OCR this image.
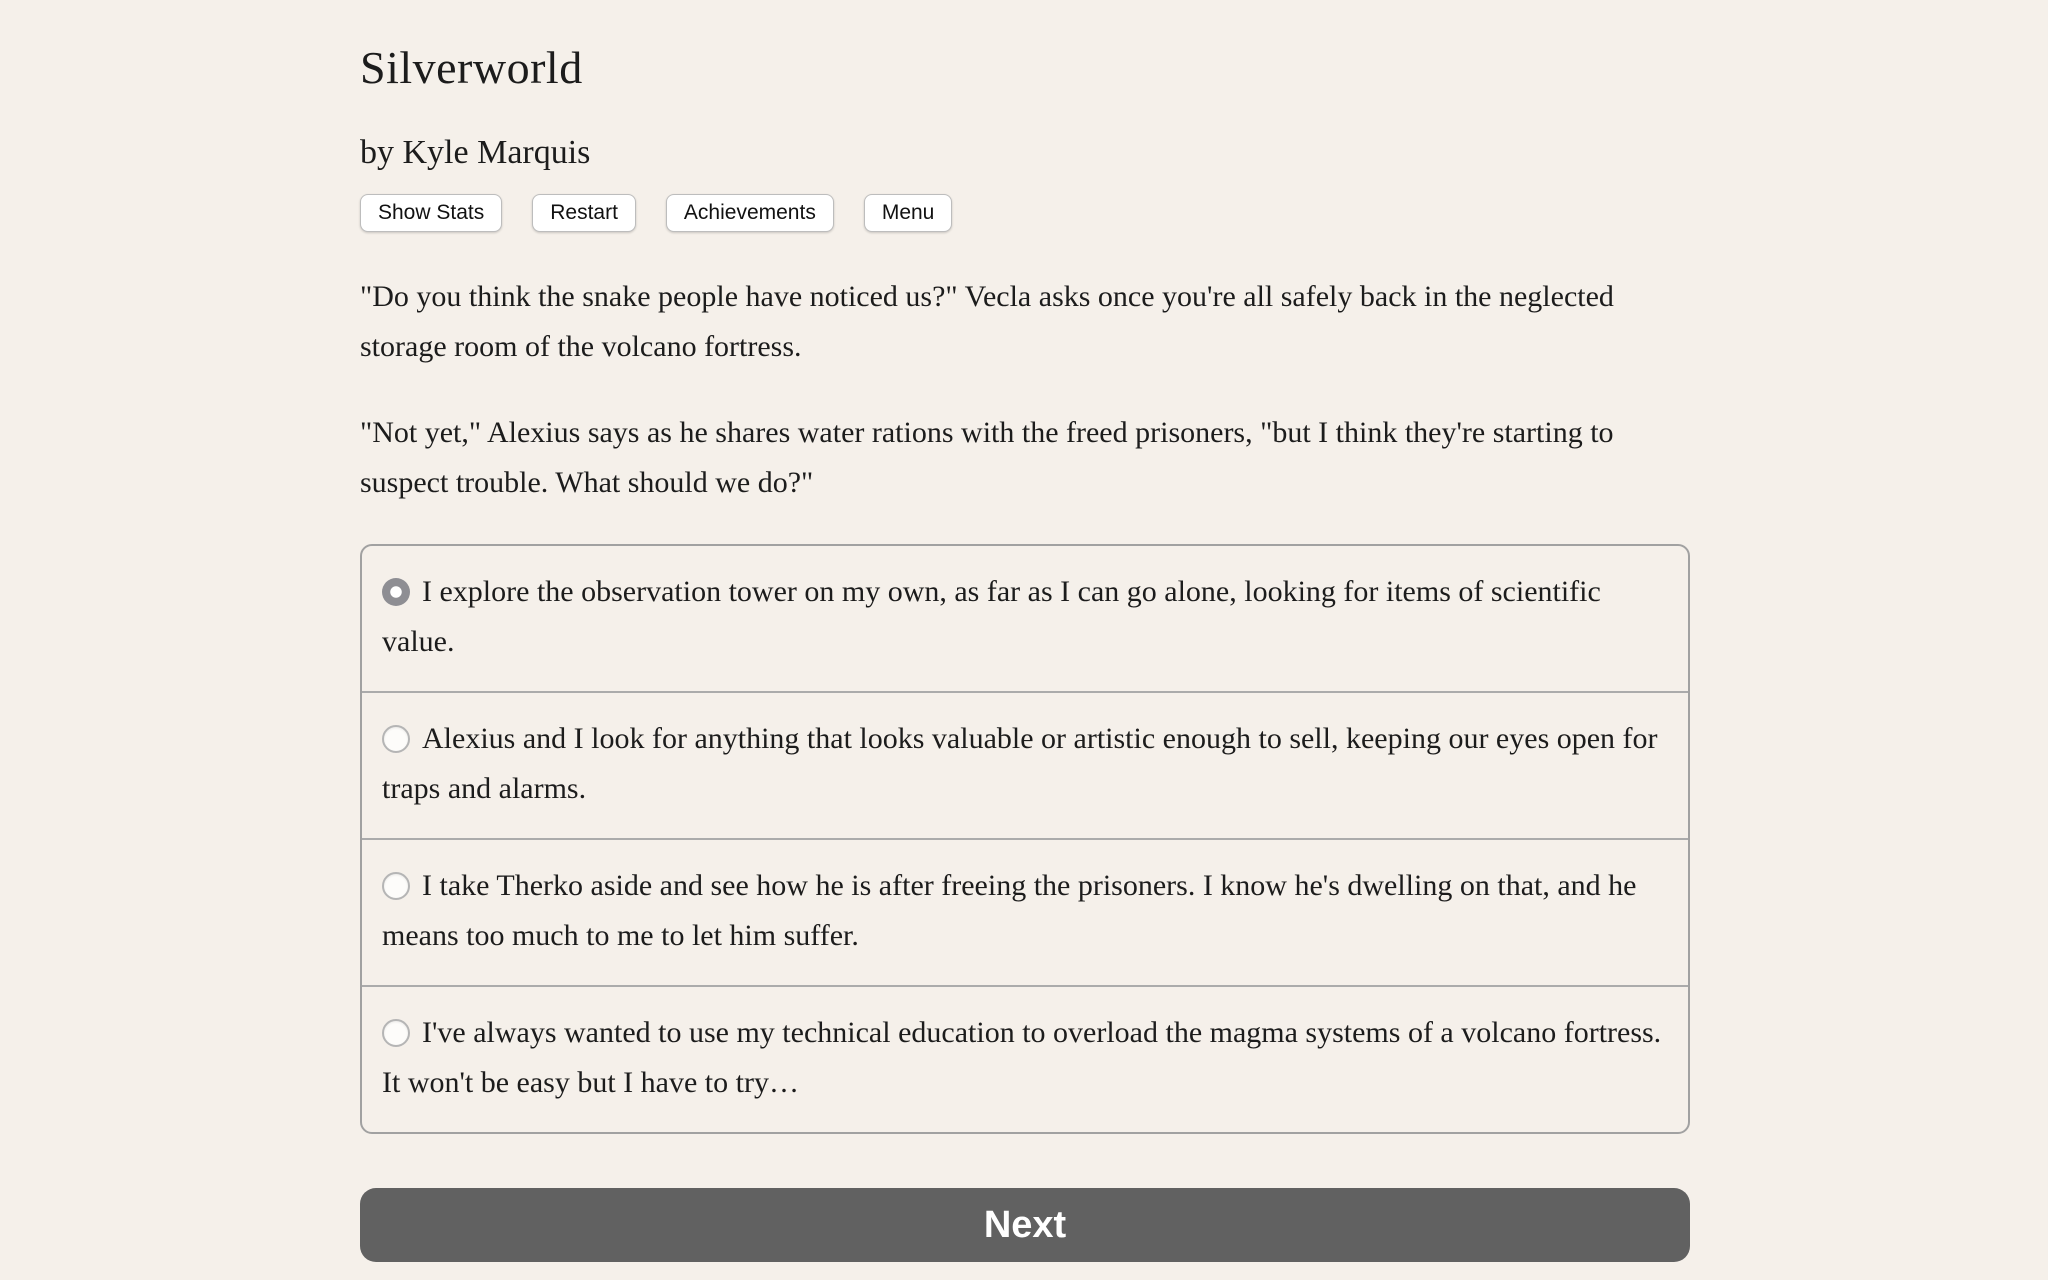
Silverworld
by Kyle Marquis
Show Stats	Restart	Achievements	Menu

"Do you think the snake people have noticed us?" Vecla asks once you're all safely back in the neglected storage room of the volcano fortress.

"Not yet," Alexius says as he shares water rations with the freed prisoners, "but I think they're starting to suspect trouble. What should we do?"

I explore the observation tower on my own, as far as I can go alone, looking for items of scientific value.
Alexius and I look for anything that looks valuable or artistic enough to sell, keeping our eyes open for traps and alarms.
I take Therko aside and see how he is after freeing the prisoners. I know he's dwelling on that, and he means too much to me to let him suffer.
I've always wanted to use my technical education to overload the magma systems of a volcano fortress. It won't be easy but I have to try…
Next
